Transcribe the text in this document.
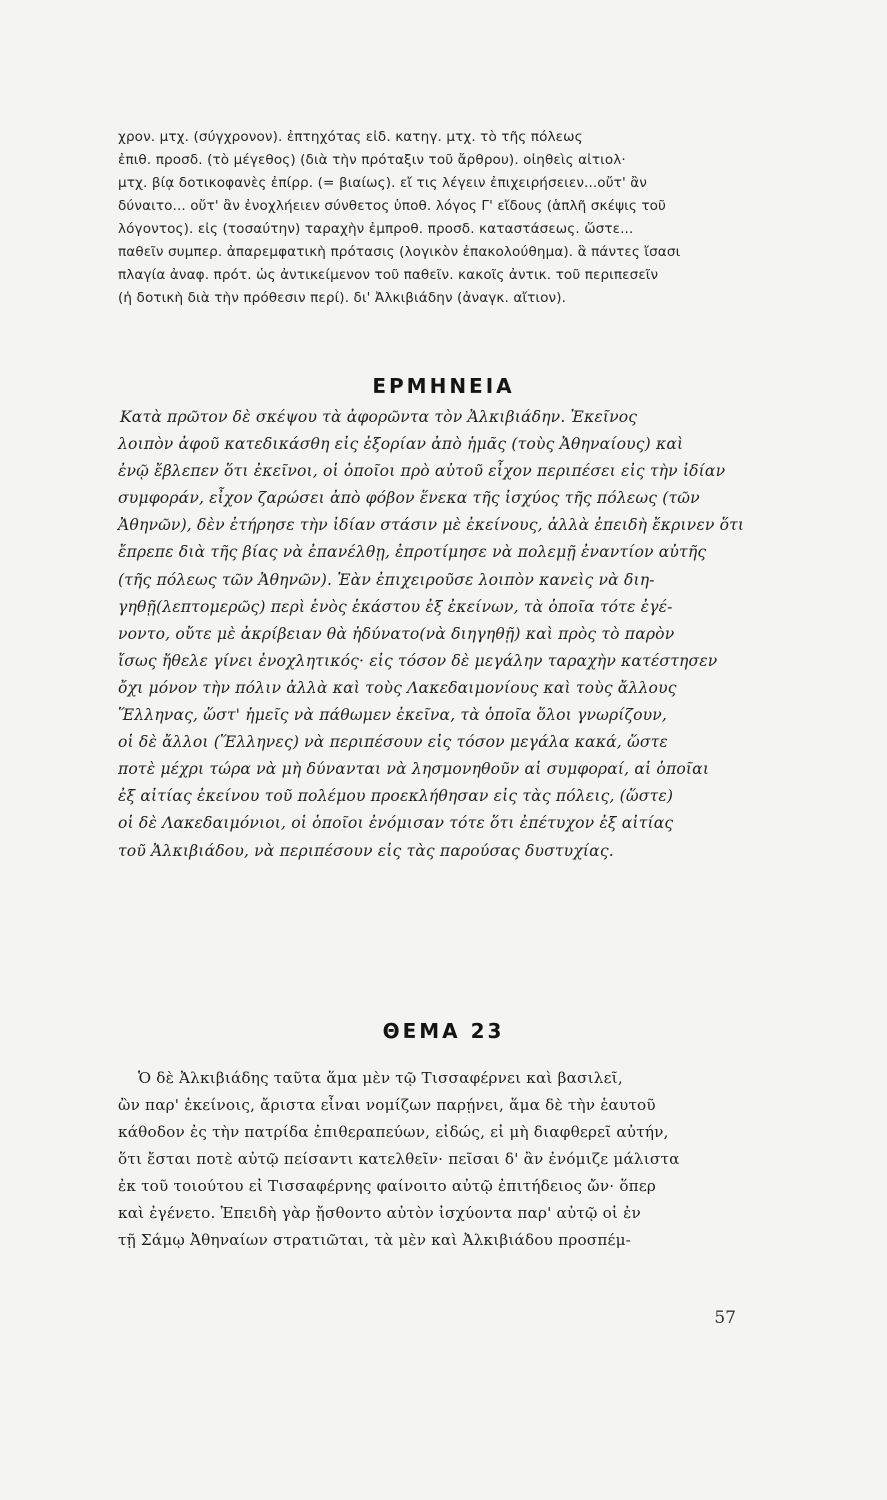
χρον. μτχ. (σύγχρονον). ἐπτηχότας εἰδ. κατηγ. μτχ. τὸ τῆς πόλεως
ἐπιθ. προσδ. (τὸ μέγεθος) (διὰ τὴν πρόταξιν τοῦ ἄρθρου). οἰηθεὶς αἰτιολ·
μτχ. βίᾳ δοτικοφανὲς ἐπίρρ. (= βιαίως). εἴ τις λέγειν ἐπιχειρήσειεν...οὔτ' ἂν
δύναιτο... οὔτ' ἂν ἐνοχλήειεν σύνθετος ὑποθ. λόγος Γ' εἴδους (ἁπλῆ σκέψις τοῦ
λόγοντος). εἰς (τοσαύτην) ταραχὴν ἐμπροθ. προσδ. καταστάσεως. ὥστε...
παθεῖν συμπερ. ἀπαρεμφατικὴ πρότασις (λογικὸν ἐπακολούθημα). ἃ πάντες ἴσασι
πλαγία ἀναφ. πρότ. ὡς ἀντικείμενον τοῦ παθεῖν. κακοῖς ἀντικ. τοῦ περιπεσεῖν
(ἡ δοτικὴ διὰ τὴν πρόθεσιν περί). δι' Ἀλκιβιάδην (ἀναγκ. αἴτιον).
ΕΡΜΗΝΕΙΑ
Κατὰ πρῶτον δὲ σκέψου τὰ ἀφορῶντα τὸν Ἀλκιβιάδην. Ἐκεῖνος
λοιπὸν ἀφοῦ κατεδικάσθη εἰς ἐξορίαν ἀπὸ ἡμᾶς (τοὺς Ἀθηναίους) καὶ
ἐνῷ ἔβλεπεν ὅτι ἐκεῖνοι, οἱ ὁποῖοι πρὸ αὐτοῦ εἶχον περιπέσει εἰς τὴν ἰδίαν
συμφοράν, εἶχον ζαρώσει ἀπὸ φόβον ἕνεκα τῆς ἰσχύος τῆς πόλεως (τῶν
Ἀθηνῶν), δὲν ἐτήρησε τὴν ἰδίαν στάσιν μὲ ἐκείνους, ἀλλὰ ἐπειδὴ ἔκρινεν ὅτι
ἔπρεπε διὰ τῆς βίας νὰ ἐπανέλθῃ, ἐπροτίμησε νὰ πολεμῇ ἐναντίον αὐτῆς
(τῆς πόλεως τῶν Ἀθηνῶν). Ἐὰν ἐπιχειροῦσε λοιπὸν κανεὶς νὰ διη-
γηθῇ(λεπτομερῶς) περὶ ἑνὸς ἑκάστου ἐξ ἐκείνων, τὰ ὁποῖα τότε ἐγέ-
νοντο, οὔτε μὲ ἀκρίβειαν θὰ ἠδύνατο(νὰ διηγηθῇ) καὶ πρὸς τὸ παρὸν
ἴσως ἤθελε γίνει ἐνοχλητικός· εἰς τόσον δὲ μεγάλην ταραχὴν κατέστησεν
ὄχι μόνον τὴν πόλιν ἀλλὰ καὶ τοὺς Λακεδαιμονίους καὶ τοὺς ἄλλους
Ἕλληνας, ὥστ' ἡμεῖς νὰ πάθωμεν ἐκεῖνα, τὰ ὁποῖα ὅλοι γνωρίζουν,
οἱ δὲ ἄλλοι (Ἕλληνες) νὰ περιπέσουν εἰς τόσον μεγάλα κακά, ὥστε
ποτὲ μέχρι τώρα νὰ μὴ δύνανται νὰ λησμονηθοῦν αἱ συμφοραί, αἱ ὁποῖαι
ἐξ αἰτίας ἐκείνου τοῦ πολέμου προεκλήθησαν εἰς τὰς πόλεις, (ὥστε)
οἱ δὲ Λακεδαιμόνιοι, οἱ ὁποῖοι ἐνόμισαν τότε ὅτι ἐπέτυχον ἐξ αἰτίας
τοῦ Ἀλκιβιάδου, νὰ περιπέσουν εἰς τὰς παρούσας δυστυχίας.
ΘΕΜΑ 23
Ὁ δὲ Ἀλκιβιάδης ταῦτα ἅμα μὲν τῷ Τισσαφέρνει καὶ βασιλεῖ,
ὢν παρ' ἐκείνοις, ἄριστα εἶναι νομίζων παρῄνει, ἅμα δὲ τὴν ἑαυτοῦ
κάθοδον ἐς τὴν πατρίδα ἐπιθεραπεύων, εἰδώς, εἰ μὴ διαφθερεῖ αὐτήν,
ὅτι ἔσται ποτὲ αὐτῷ πείσαντι κατελθεῖν· πεῖσαι δ' ἂν ἐνόμιζε μάλιστα
ἐκ τοῦ τοιούτου εἰ Τισσαφέρνης φαίνοιτο αὐτῷ ἐπιτήδειος ὤν· ὅπερ
καὶ ἐγένετο. Ἐπειδὴ γὰρ ᾔσθοντο αὐτὸν ἰσχύοντα παρ' αὐτῷ οἱ ἐν
τῇ Σάμῳ Ἀθηναίων στρατιῶται, τὰ μὲν καὶ Ἀλκιβιάδου προσπέμ-
57
